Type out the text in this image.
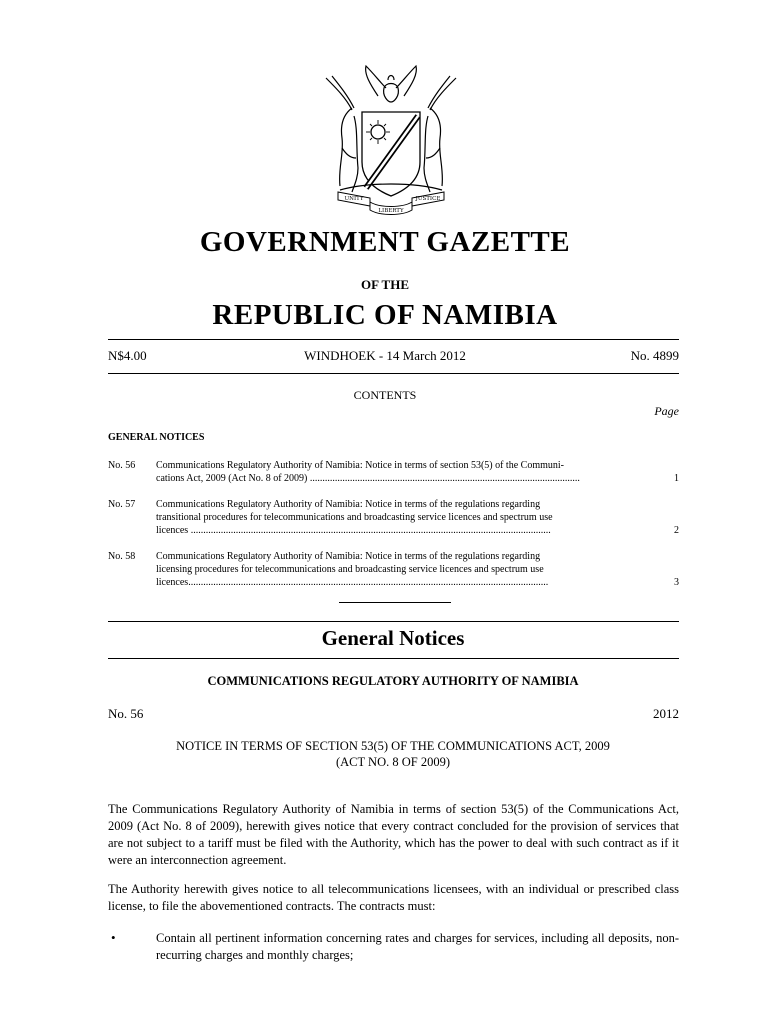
UNITY
LIBERTY
JUSTICE
GOVERNMENT GAZETTE
OF THE
REPUBLIC OF NAMIBIA
N$4.00	WINDHOEK - 14 March 2012	No. 4899
CONTENTS
Page
GENERAL NOTICES
No. 56	Communications Regulatory Authority of Namibia: Notice in terms of section 53(5) of the Communi-
cations Act, 2009 (Act No. 8 of 2009) ............................................................................................................	1
No. 57	Communications Regulatory Authority of Namibia: Notice in terms of the regulations regarding
transitional procedures for telecommunications and broadcasting service licences and spectrum use
licences ................................................................................................................................................	2
No. 58	Communications Regulatory Authority of Namibia: Notice in terms of the regulations regarding
licensing procedures for telecommunications and broadcasting service licences and spectrum use
licences................................................................................................................................................	3
General Notices
COMMUNICATIONS REGULATORY AUTHORITY OF NAMIBIA
No. 56	2012
NOTICE IN TERMS OF SECTION 53(5) OF THE COMMUNICATIONS ACT, 2009
(ACT NO. 8 OF 2009)
The Communications Regulatory Authority of Namibia in terms of section 53(5) of the Communications Act, 2009 (Act No. 8 of 2009), herewith gives notice that every contract concluded for the provision of services that are not subject to a tariff must be filed with the Authority, which has the power to deal with such contract as if it were an interconnection agreement.
The Authority herewith gives notice to all telecommunications licensees, with an individual or prescribed class license, to file the abovementioned contracts. The contracts must:
•	Contain all pertinent information concerning rates and charges for services, including all deposits, non-recurring charges and monthly charges;
